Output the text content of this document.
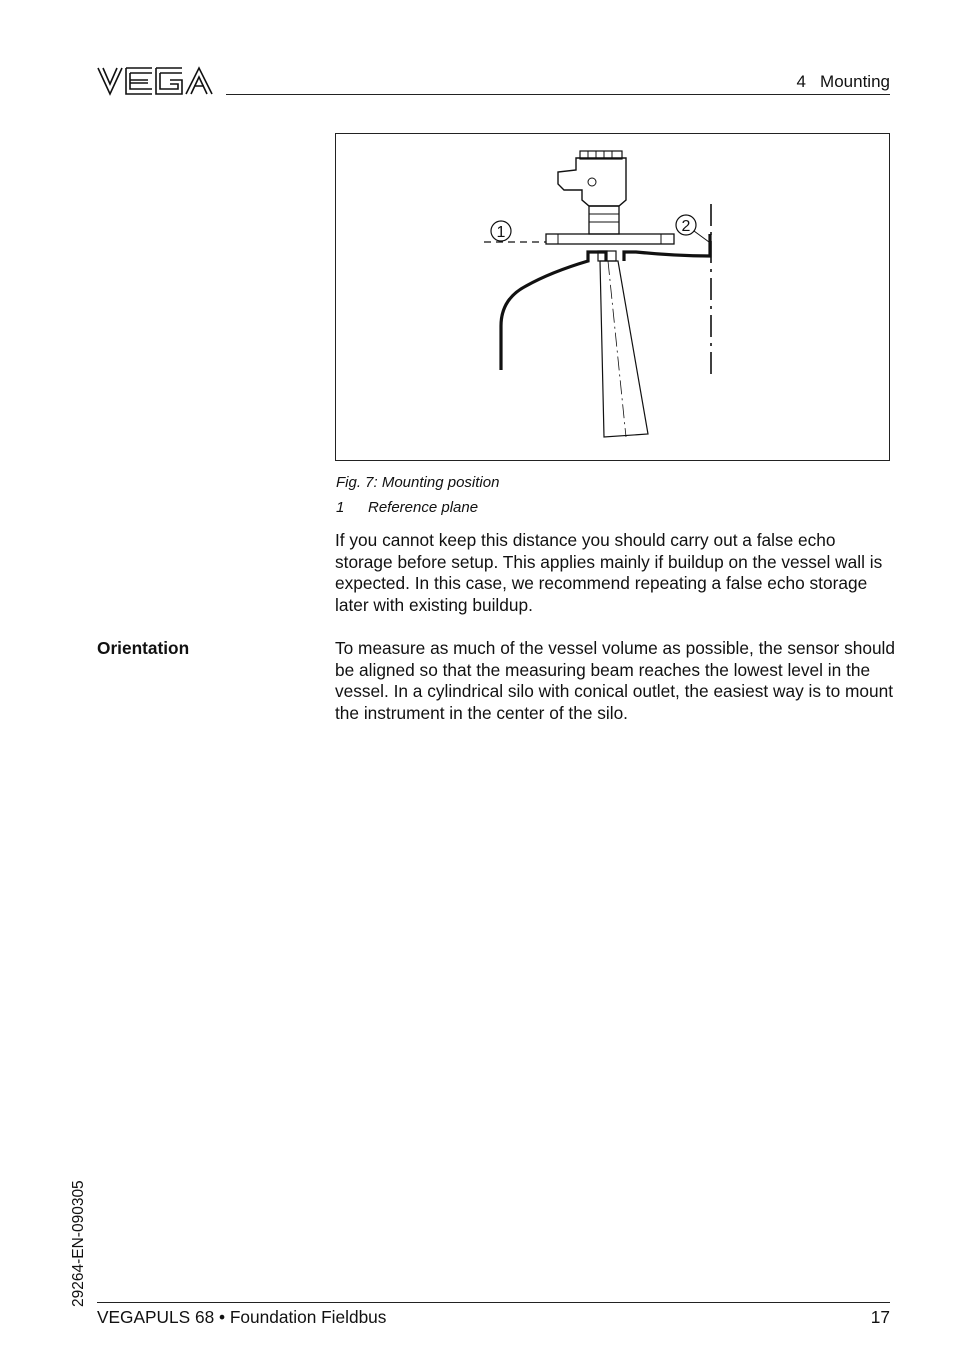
4   Mounting
1	2
Fig. 7: Mounting position
1 Reference plane
If you cannot keep this distance you should carry out a false echo storage before setup. This applies mainly if buildup on the vessel wall is expected. In this case, we recommend repeating a false echo storage later with existing buildup.
Orientation	To measure as much of the vessel volume as possible, the sensor should be aligned so that the measuring beam reaches the lowest level in the vessel. In a cylindrical silo with conical outlet, the easiest way is to mount the instrument in the center of the silo.
29264-EN-090305
VEGAPULS 68 • Foundation Fieldbus	17
